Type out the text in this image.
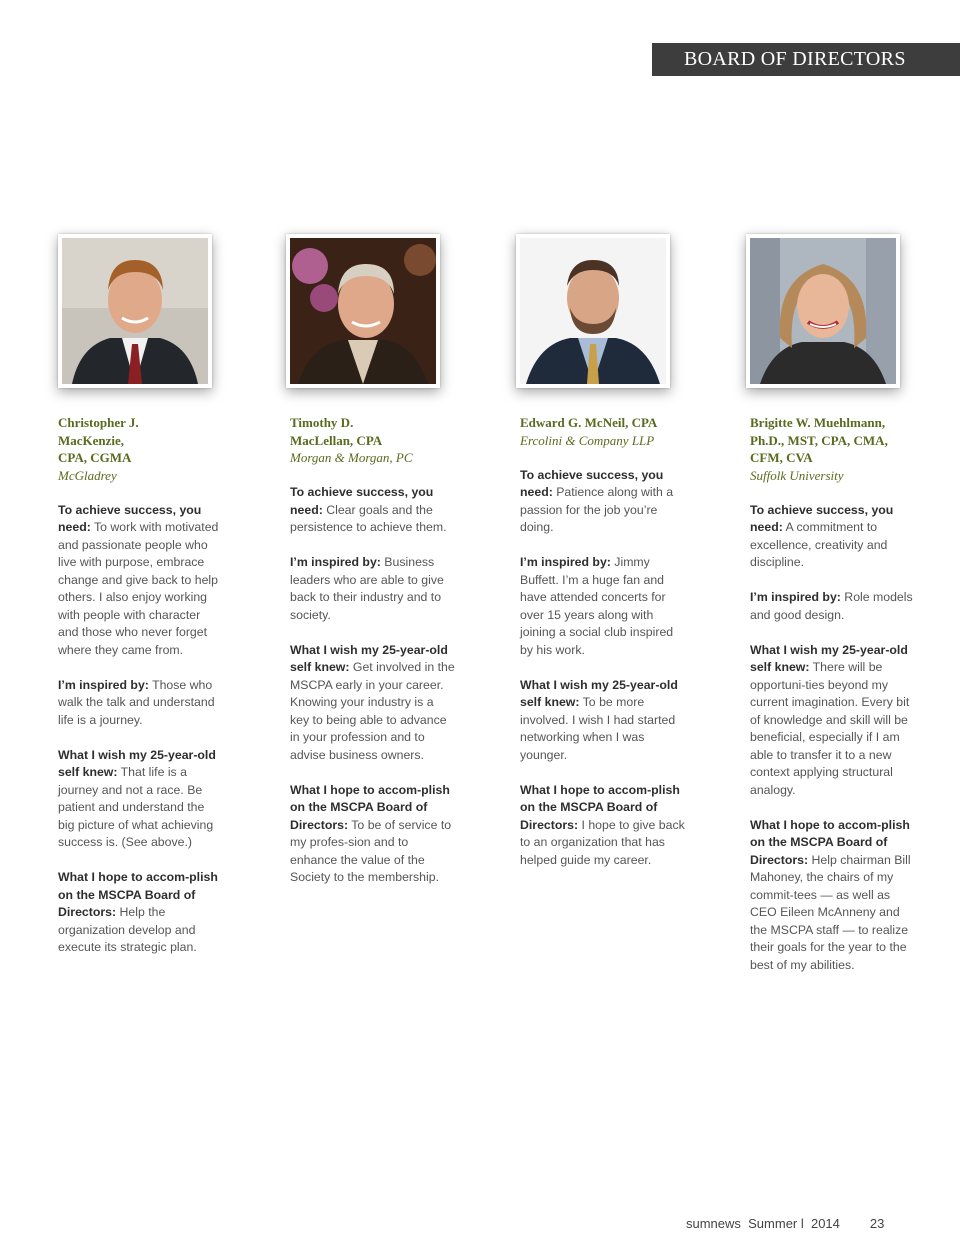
BOARD OF DIRECTORS
Christopher J.
MacKenzie,
CPA, CGMA
McGladrey
To achieve success, you need: To work with motivated and passionate people who live with purpose, embrace change and give back to help others. I also enjoy working with people with character and those who never forget where they came from.
I’m inspired by: Those who walk the talk and understand life is a journey.
What I wish my 25-year-old self knew: That life is a journey and not a race. Be patient and understand the big picture of what achieving success is. (See above.)
What I hope to accom-plish on the MSCPA Board of Directors: Help the organization develop and execute its strategic plan.
Timothy D.
MacLellan, CPA
Morgan & Morgan, PC
To achieve success, you need: Clear goals and the persistence to achieve them.
I’m inspired by: Business leaders who are able to give back to their industry and to society.
What I wish my 25-year-old self knew: Get involved in the MSCPA early in your career. Knowing your industry is a key to being able to advance in your profession and to advise business owners.
What I hope to accom-plish on the MSCPA Board of Directors: To be of service to my profes-sion and to enhance the value of the Society to the membership.
Edward G. McNeil, CPA
Ercolini & Company LLP
To achieve success, you need: Patience along with a passion for the job you’re doing.
I’m inspired by: Jimmy Buffett. I’m a huge fan and have attended concerts for over 15 years along with joining a social club inspired by his work.
What I wish my 25-year-old self knew: To be more involved. I wish I had started networking when I was younger.
What I hope to accom-plish on the MSCPA Board of Directors: I hope to give back to an organization that has helped guide my career.
Brigitte W. Muehlmann,
Ph.D., MST, CPA, CMA,
CFM, CVA
Suffolk University
To achieve success, you need: A commitment to excellence, creativity and discipline.
I’m inspired by: Role models and good design.
What I wish my 25-year-old self knew: There will be opportuni-ties beyond my current imagination. Every bit of knowledge and skill will be beneficial, especially if I am able to transfer it to a new context applying structural analogy.
What I hope to accom-plish on the MSCPA Board of Directors: Help chairman Bill Mahoney, the chairs of my commit-tees — as well as CEO Eileen McAnneny and the MSCPA staff — to realize their goals for the year to the best of my abilities.
sumnews  Summer l  2014 23
